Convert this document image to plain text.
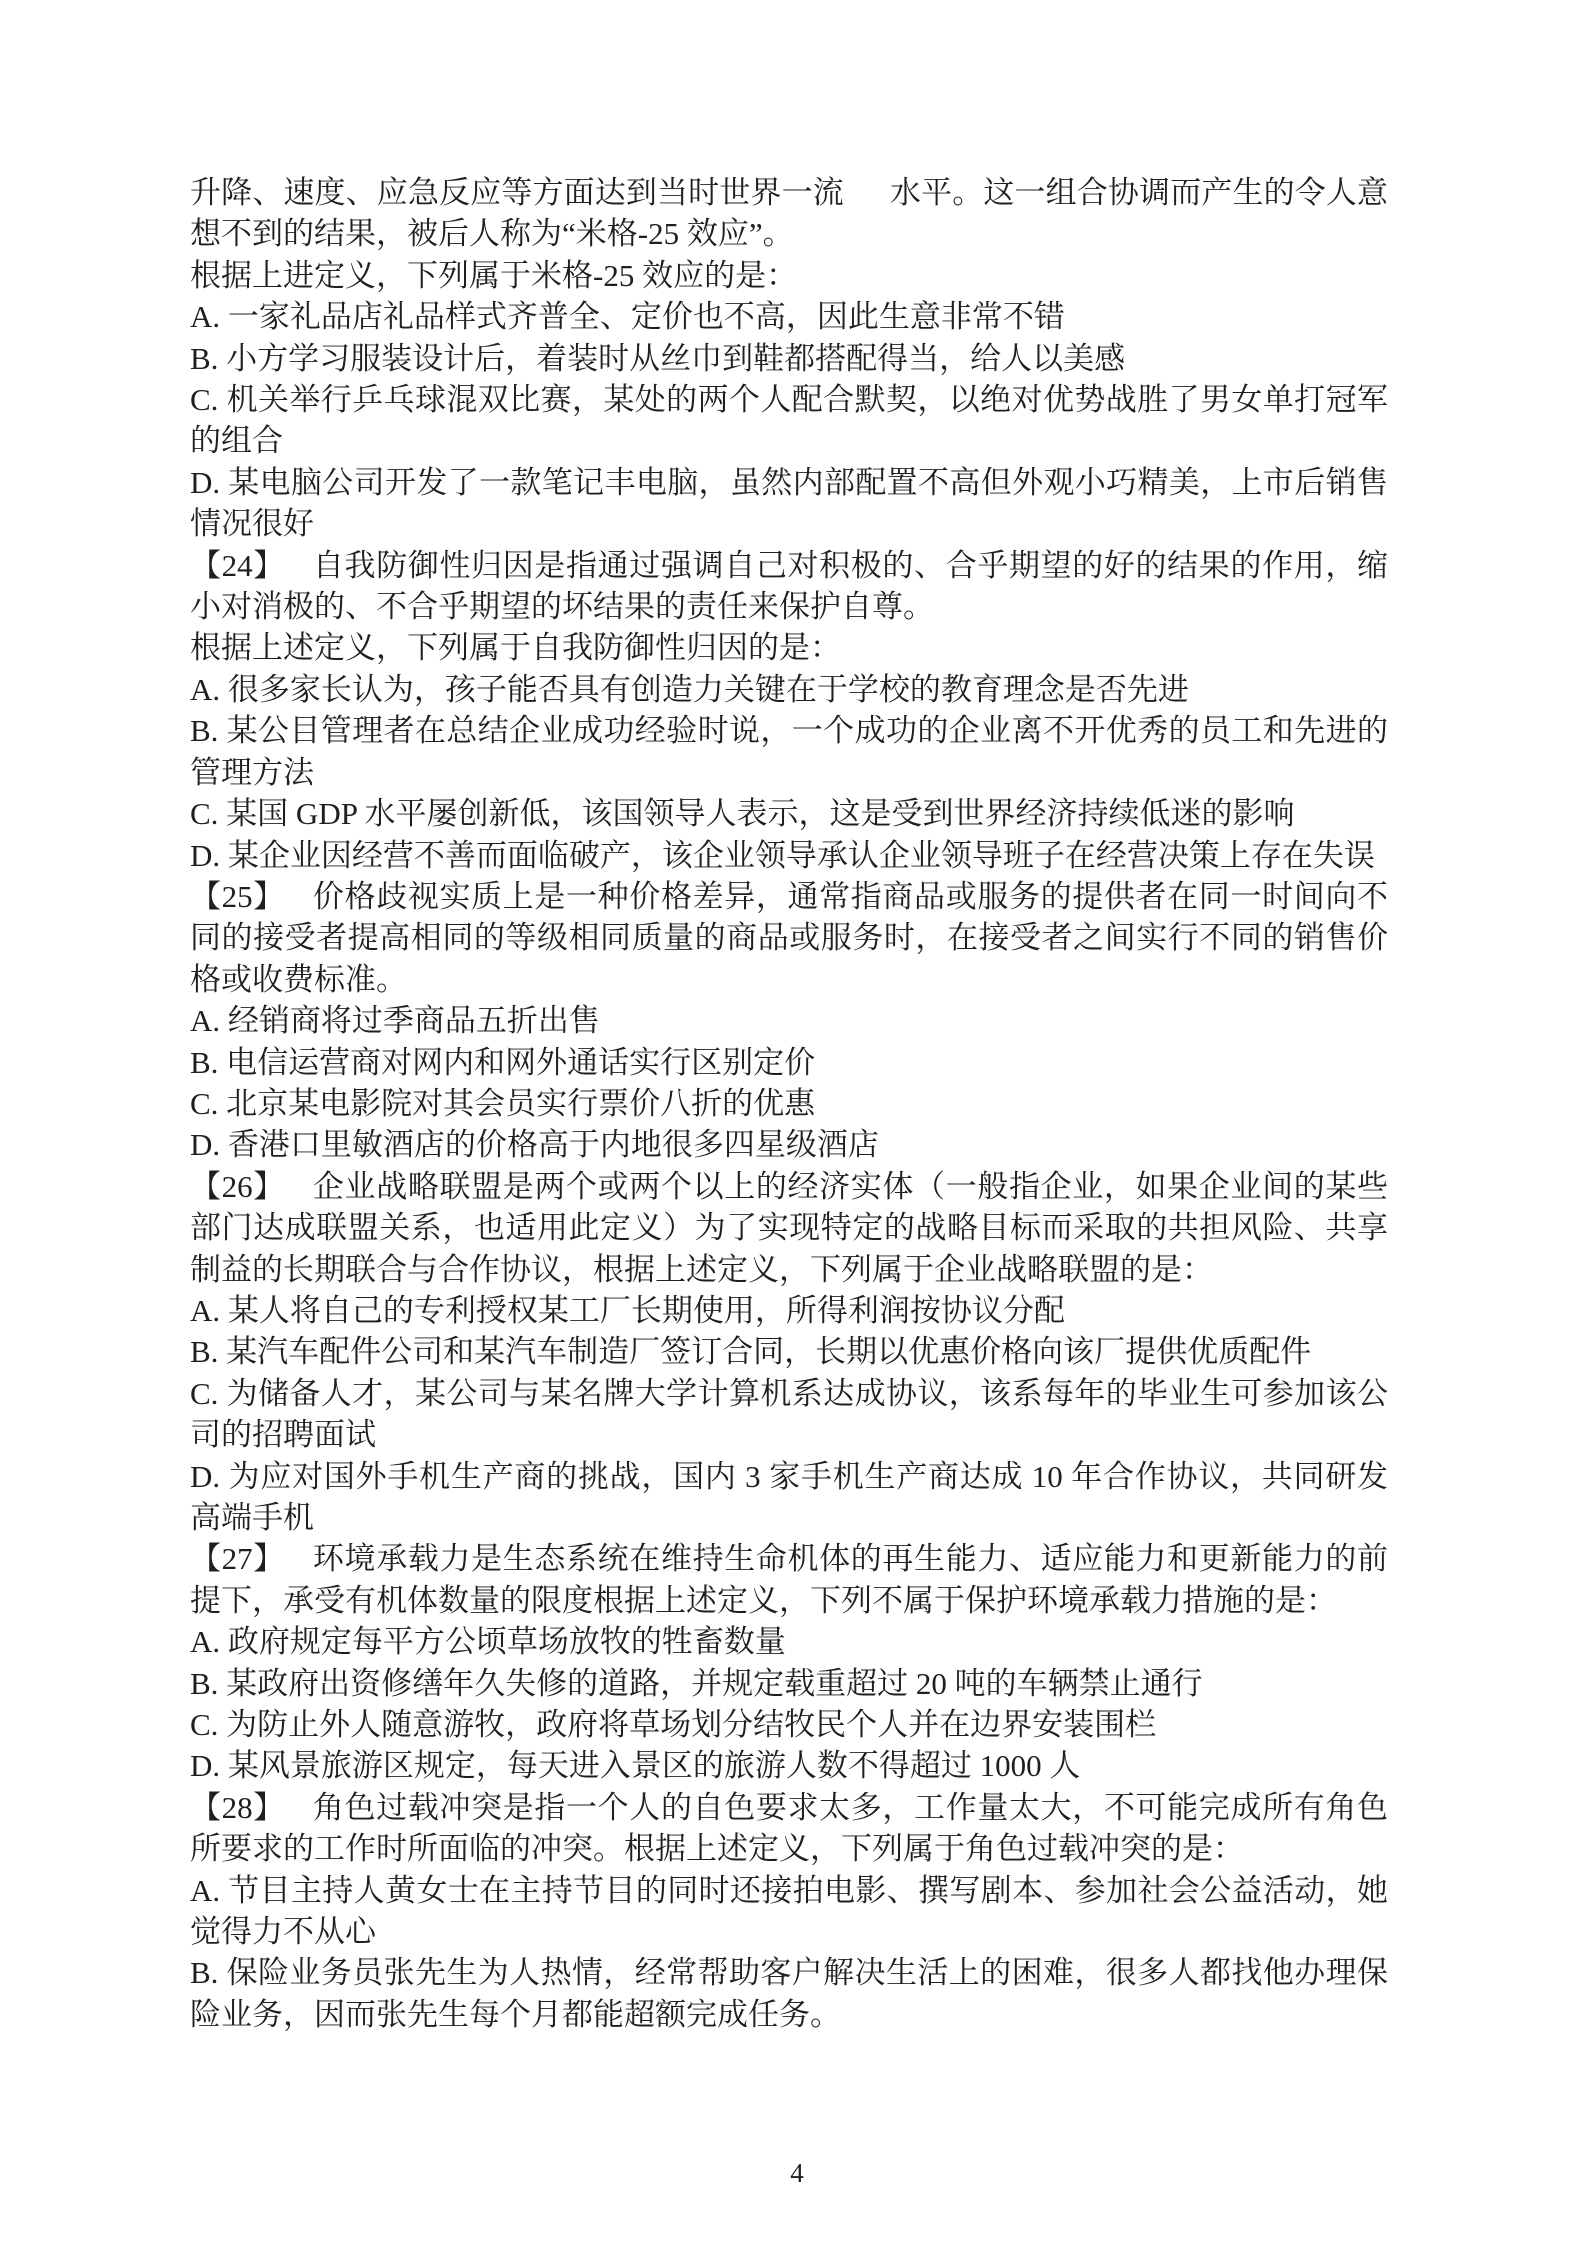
升降、速度、应急反应等方面达到当时世界一流 水平。这一组合协调而产生的令人意想不到的结果，被后人称为“米格-25 效应”。

根据上进定义，下列属于米格-25 效应的是：

A. 一家礼品店礼品样式齐普全、定价也不高，因此生意非常不错

B. 小方学习服装设计后，着装时从丝巾到鞋都搭配得当，给人以美感

C. 机关举行乒乓球混双比赛，某处的两个人配合默契，以绝对优势战胜了男女单打冠军的组合

D. 某电脑公司开发了一款笔记丰电脑，虽然内部配置不高但外观小巧精美，上市后销售情况很好

【24】 自我防御性归因是指通过强调自己对积极的、合乎期望的好的结果的作用，缩小对消极的、不合乎期望的坏结果的责任来保护自尊。

根据上述定义，下列属于自我防御性归因的是：

A. 很多家长认为，孩子能否具有创造力关键在于学校的教育理念是否先进

B. 某公目管理者在总结企业成功经验时说，一个成功的企业离不开优秀的员工和先进的管理方法

C. 某国 GDP 水平屡创新低，该国领导人表示，这是受到世界经济持续低迷的影响

D. 某企业因经营不善而面临破产，该企业领导承认企业领导班子在经营决策上存在失误

【25】 价格歧视实质上是一种价格差异，通常指商品或服务的提供者在同一时间向不同的接受者提高相同的等级相同质量的商品或服务时，在接受者之间实行不同的销售价格或收费标准。

A. 经销商将过季商品五折出售

B. 电信运营商对网内和网外通话实行区别定价

C. 北京某电影院对其会员实行票价八折的优惠

D. 香港口里敏酒店的价格高于内地很多四星级酒店

【26】 企业战略联盟是两个或两个以上的经济实体（一般指企业，如果企业间的某些部门达成联盟关系，也适用此定义）为了实现特定的战略目标而采取的共担风险、共享制益的长期联合与合作协议，根据上述定义，下列属于企业战略联盟的是：

A. 某人将自己的专利授权某工厂长期使用，所得利润按协议分配

B. 某汽车配件公司和某汽车制造厂签订合同，长期以优惠价格向该厂提供优质配件

C. 为储备人才，某公司与某名牌大学计算机系达成协议，该系每年的毕业生可参加该公司的招聘面试

D. 为应对国外手机生产商的挑战，国内 3 家手机生产商达成 10 年合作协议，共同研发高端手机

【27】 环境承载力是生态系统在维持生命机体的再生能力、适应能力和更新能力的前提下，承受有机体数量的限度根据上述定义，下列不属于保护环境承载力措施的是：

A. 政府规定每平方公顷草场放牧的牲畜数量

B. 某政府出资修缮年久失修的道路，并规定载重超过 20 吨的车辆禁止通行

C. 为防止外人随意游牧，政府将草场划分结牧民个人并在边界安装围栏

D. 某风景旅游区规定，每天进入景区的旅游人数不得超过 1000 人

【28】 角色过载冲突是指一个人的自色要求太多，工作量太大，不可能完成所有角色所要求的工作时所面临的冲突。根据上述定义，下列属于角色过载冲突的是：

A. 节目主持人黄女士在主持节目的同时还接拍电影、撰写剧本、参加社会公益活动，她觉得力不从心

B. 保险业务员张先生为人热情，经常帮助客户解决生活上的困难，很多人都找他办理保险业务，因而张先生每个月都能超额完成任务。

4
